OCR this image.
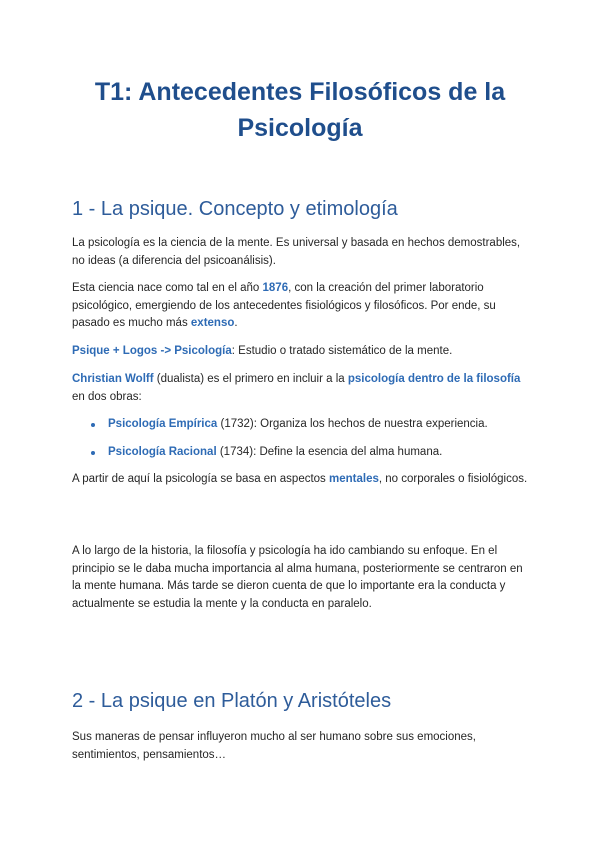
T1: Antecedentes Filosóficos de la Psicología
1 - La psique. Concepto y etimología

La psicología es la ciencia de la mente. Es universal y basada en hechos demostrables, no ideas (a diferencia del psicoanálisis).

Esta ciencia nace como tal en el año 1876, con la creación del primer laboratorio psicológico, emergiendo de los antecedentes fisiológicos y filosóficos. Por ende, su pasado es mucho más extenso.

Psique + Logos -> Psicología: Estudio o tratado sistemático de la mente.

Christian Wolff (dualista) es el primero en incluir a la psicología dentro de la filosofía en dos obras:

Psicología Empírica (1732): Organiza los hechos de nuestra experiencia.
Psicología Racional (1734): Define la esencia del alma humana.

A partir de aquí la psicología se basa en aspectos mentales, no corporales o fisiológicos.

A lo largo de la historia, la filosofía y psicología ha ido cambiando su enfoque. En el principio se le daba mucha importancia al alma humana, posteriormente se centraron en la mente humana. Más tarde se dieron cuenta de que lo importante era la conducta y actualmente se estudia la mente y la conducta en paralelo.

2 - La psique en Platón y Aristóteles

Sus maneras de pensar influyeron mucho al ser humano sobre sus emociones, sentimientos, pensamientos…
